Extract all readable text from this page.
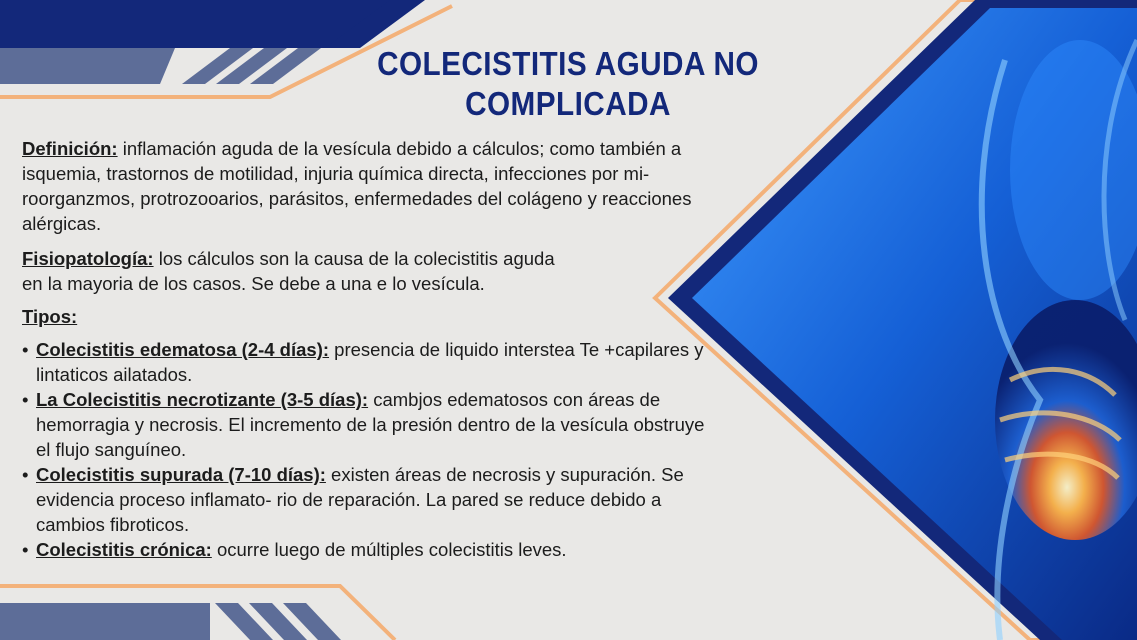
COLECISTITIS AGUDA NO
COMPLICADA

Definición: inflamación aguda de la vesícula debido a cálculos; como también a isquemia, trastornos de motilidad, injuria química directa, infecciones por mi- roorganzmos, protrozooarios, parásitos, enfermedades del colágeno y reacciones alérgicas.

Fisiopatología: los cálculos son la causa de la colecistitis aguda
en la mayoria de los casos. Se debe a una e lo vesícula.

Tipos:

• Colecistitis edematosa (2-4 días): presencia de liquido interstea Te +capilares y lintaticos ailatados.
• La Colecistitis necrotizante (3-5 días): cambjos edematosos con áreas de hemorragia y necrosis. El incremento de la presión dentro de la vesícula obstruye el flujo sanguíneo.
• Colecistitis supurada (7-10 días): existen áreas de necrosis y supuración. Se evidencia proceso inflamato- rio de reparación. La pared se reduce debido a cambios fibroticos.
• Colecistitis crónica: ocurre luego de múltiples colecistitis leves.
